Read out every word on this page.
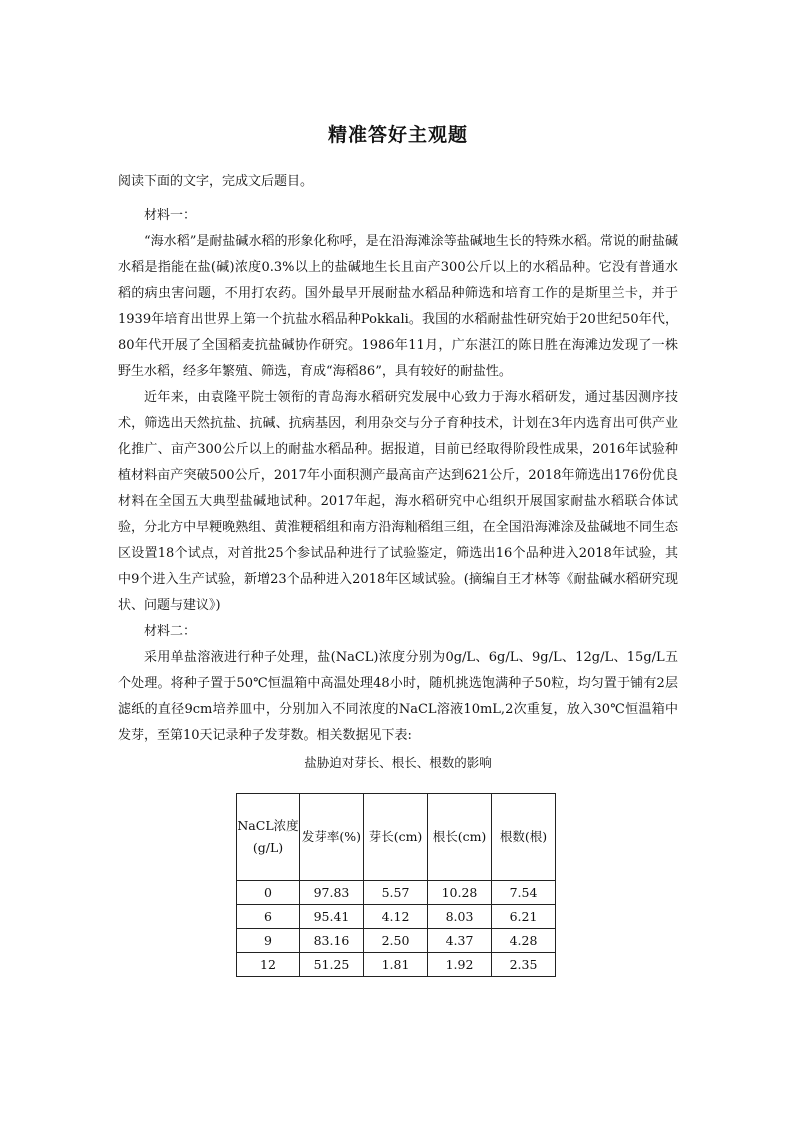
精准答好主观题

阅读下面的文字，完成文后题目。

材料一：

“海水稻”是耐盐碱水稻的形象化称呼，是在沿海滩涂等盐碱地生长的特殊水稻。常说的耐盐碱水稻是指能在盐(碱)浓度0.3%以上的盐碱地生长且亩产300公斤以上的水稻品种。它没有普通水稻的病虫害问题，不用打农药。国外最早开展耐盐水稻品种筛选和培育工作的是斯里兰卡，并于1939年培育出世界上第一个抗盐水稻品种Pokkali。我国的水稻耐盐性研究始于20世纪50年代，80年代开展了全国稻麦抗盐碱协作研究。1986年11月，广东湛江的陈日胜在海滩边发现了一株野生水稻，经多年繁殖、筛选，育成“海稻86”，具有较好的耐盐性。

近年来，由袁隆平院士领衔的青岛海水稻研究发展中心致力于海水稻研发，通过基因测序技术，筛选出天然抗盐、抗碱、抗病基因，利用杂交与分子育种技术，计划在3年内选育出可供产业化推广、亩产300公斤以上的耐盐水稻品种。据报道，目前已经取得阶段性成果，2016年试验种植材料亩产突破500公斤，2017年小面积测产最高亩产达到621公斤，2018年筛选出176份优良材料在全国五大典型盐碱地试种。2017年起，海水稻研究中心组织开展国家耐盐水稻联合体试验，分北方中早粳晚熟组、黄淮粳稻组和南方沿海籼稻组三组，在全国沿海滩涂及盐碱地不同生态区设置18个试点，对首批25个参试品种进行了试验鉴定，筛选出16个品种进入2018年试验，其中9个进入生产试验，新增23个品种进入2018年区域试验。(摘编自王才林等《耐盐碱水稻研究现状、问题与建议》)

材料二：

采用单盐溶液进行种子处理，盐(NaCL)浓度分别为0g/L、6g/L、9g/L、12g/L、15g/L五个处理。将种子置于50℃恒温箱中高温处理48小时，随机挑选饱满种子50粒，均匀置于铺有2层滤纸的直径9cm培养皿中，分别加入不同浓度的NaCL溶液10mL,2次重复，放入30℃恒温箱中发芽，至第10天记录种子发芽数。相关数据见下表:

盐胁迫对芽长、根长、根数的影响

NaCL浓度(g/L)	发芽率(%)	芽长(cm)	根长(cm)	根数(根)
0	97.83	5.57	10.28	7.54
6	95.41	4.12	8.03	6.21
9	83.16	2.50	4.37	4.28
12	51.25	1.81	1.92	2.35
